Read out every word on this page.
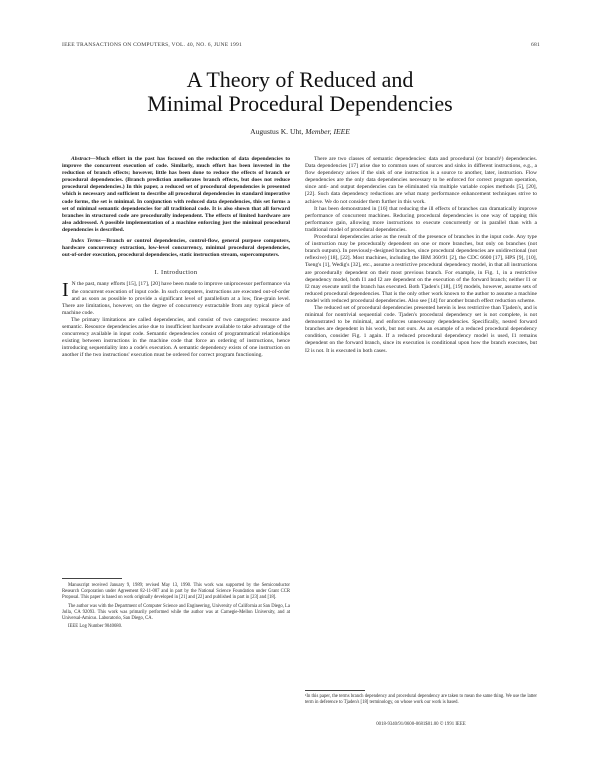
IEEE TRANSACTIONS ON COMPUTERS, VOL. 40, NO. 6, JUNE 1991	681
A Theory of Reduced and
Minimal Procedural Dependencies
Augustus K. Uht, Member, IEEE

Abstract—Much effort in the past has focused on the reduction of data dependencies to improve the concurrent execution of code. Similarly, much effort has been invested in the reduction of branch effects; however, little has been done to reduce the effects of branch or procedural dependencies. (Branch prediction ameliorates branch effects, but does not reduce procedural dependencies.) In this paper, a reduced set of procedural dependencies is presented which is necessary and sufficient to describe all procedural dependencies in standard imperative code forms, the set is minimal. In conjunction with reduced data dependencies, this set forms a set of minimal semantic dependencies for all traditional code. It is also shown that all forward branches in structured code are procedurally independent. The effects of limited hardware are also addressed. A possible implementation of a machine enforcing just the minimal procedural dependencies is described.

Index Terms—Branch or control dependencies, control-flow, general purpose computers, hardware concurrency extraction, low-level concurrency, minimal procedural dependencies, out-of-order execution, procedural dependencies, static instruction stream, supercomputers.

I. Introduction

I N the past, many efforts [15], [17], [20] have been made to improve uniprocessor performance via the concurrent execution of input code. In such computers, instructions are executed out-of-order and as soon as possible to provide a significant level of parallelism at a low, fine-grain level. There are limitations, however, on the degree of concurrency extractable from any typical piece of machine code.

The primary limitations are called dependencies, and consist of two categories: resource and semantic. Resource dependencies arise due to insufficient hardware available to take advantage of the concurrency available in input code. Semantic dependencies consist of programmatical relationships existing between instructions in the machine code that force an ordering of instructions, hence introducing sequentiality into a code's execution. A semantic dependency exists of one instruction on another if the two instructions' execution must be ordered for correct program functioning.

Manuscript received January 9, 1989; revised May 13, 1990. This work was supported by the Semiconductor Research Corporation under Agreement 82-11-007 and in part by the National Science Foundation under Grant CCR Proposal. This paper is based on work originally developed in [21] and [22] and published in part in [23] and [18].

The author was with the Department of Computer Science and Engineering, University of California at San Diego, La Jolla, CA 92093. This work was primarily performed while the author was at Carnegie-Mellon University, and at Universal-Amicus. Laboratorio, San Diego, CA.

IEEE Log Number 9040680.

There are two classes of semantic dependencies: data and procedural (or branch¹) dependencies. Data dependencies [17] arise due to common uses of sources and sinks in different instructions, e.g., a flow dependency arises if the sink of one instruction is a source to another, later, instruction. Flow dependencies are the only data dependencies necessary to be enforced for correct program operation, since anti- and output dependencies can be eliminated via multiple variable copies methods [5], [20], [22]. Such data dependency reductions are what many performance enhancement techniques strive to achieve. We do not consider them further in this work.

It has been demonstrated in [16] that reducing the ill effects of branches can dramatically improve performance of concurrent machines. Reducing procedural dependencies is one way of tapping this performance gain, allowing more instructions to execute concurrently or in parallel than with a traditional model of procedural dependencies.

Procedural dependencies arise as the result of the presence of branches in the input code. Any type of instruction may be procedurally dependent on one or more branches, but only on branches (not branch outputs). In previously-designed branches, since procedural dependencies are unidirectional (not reflexive) [18], [22]. Most machines, including the IBM 360/91 [2], the CDC 6600 [17], HPS [9], [10], Tseng's [1], Wedig's [32], etc., assume a restrictive procedural dependency model, in that all instructions are procedurally dependent on their most previous branch. For example, in Fig. 1, in a restrictive dependency model, both I1 and I2 are dependent on the execution of the forward branch; neither I1 or I2 may execute until the branch has executed. Both Tjaden's [18], [19] models, however, assume sets of reduced procedural dependencies. That is the only other work known to the author to assume a machine model with reduced procedural dependencies. Also see [14] for another branch effect reduction scheme.

The reduced set of procedural dependencies presented herein is less restrictive than Tjaden's, and is minimal for nontrivial sequential code. Tjaden's procedural dependency set is not complete, is not demonstrated to be minimal, and enforces unnecessary dependencies. Specifically, nested forward branches are dependent in his work, but not ours. As an example of a reduced procedural dependency condition, consider Fig. 1 again. If a reduced procedural dependency model is used, I1 remains dependent on the forward branch, since its execution is conditional upon how the branch executes, but I2 is not. It is executed in both cases.

¹In this paper, the terms branch dependency and procedural dependency are taken to mean the same thing. We use the latter term in deference to Tjaden's [18] terminology, on whose work our work is based.
0018-9340/91/0600-0681$01.00 © 1991 IEEE
